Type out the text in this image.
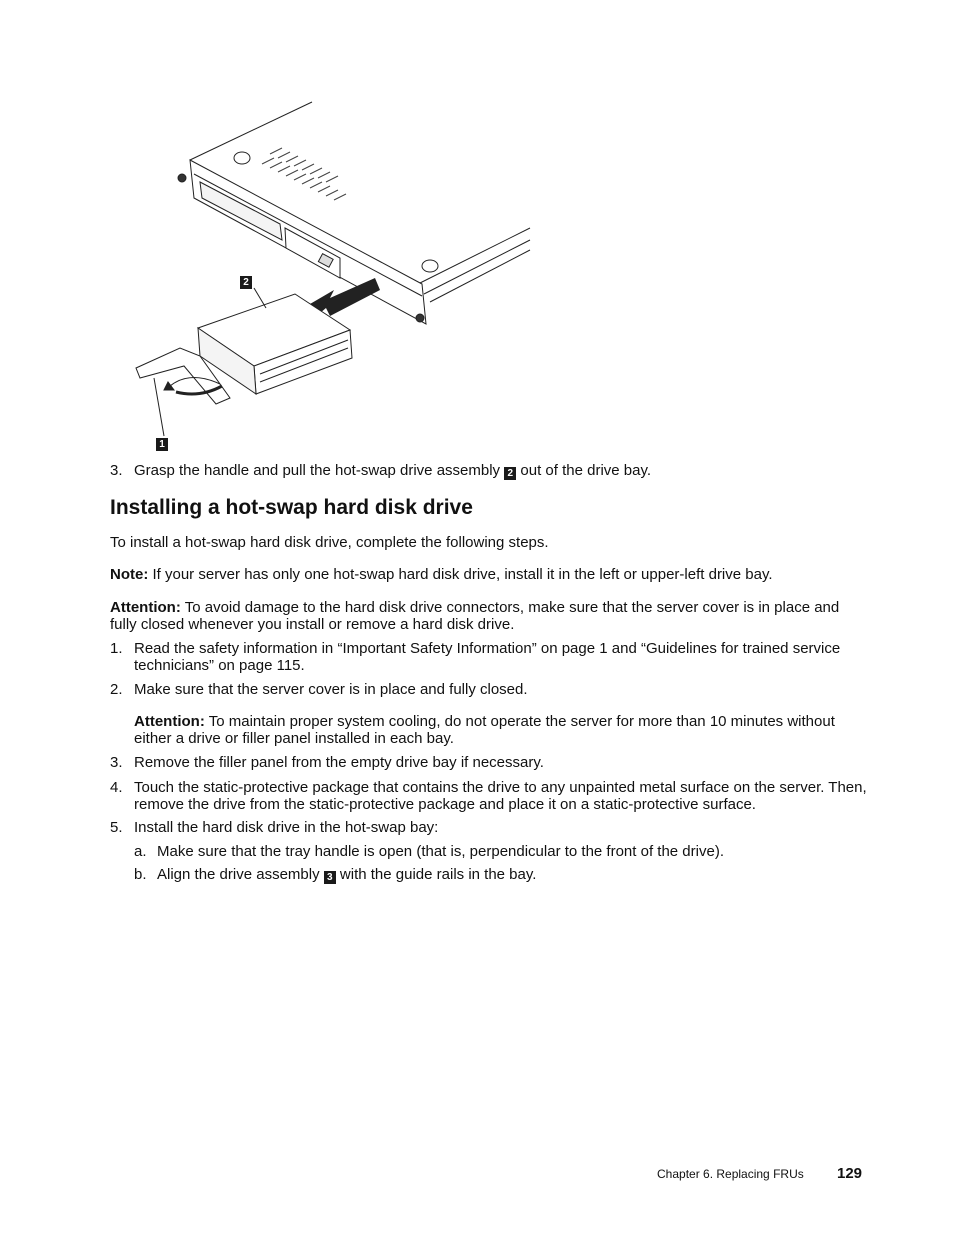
2
1
3. Grasp the handle and pull the hot-swap drive assembly 2 out of the drive bay.
Installing a hot-swap hard disk drive
To install a hot-swap hard disk drive, complete the following steps.
Note: If your server has only one hot-swap hard disk drive, install it in the left or upper-left drive bay.
Attention: To avoid damage to the hard disk drive connectors, make sure that the server cover is in place and fully closed whenever you install or remove a hard disk drive.
1. Read the safety information in “Important Safety Information” on page 1 and “Guidelines for trained service technicians” on page 115.
2. Make sure that the server cover is in place and fully closed.
Attention: To maintain proper system cooling, do not operate the server for more than 10 minutes without either a drive or filler panel installed in each bay.
3. Remove the filler panel from the empty drive bay if necessary.
4. Touch the static-protective package that contains the drive to any unpainted metal surface on the server. Then, remove the drive from the static-protective package and place it on a static-protective surface.
5. Install the hard disk drive in the hot-swap bay:
a. Make sure that the tray handle is open (that is, perpendicular to the front of the drive).
b. Align the drive assembly 3 with the guide rails in the bay.
Chapter 6. Replacing FRUs 129
